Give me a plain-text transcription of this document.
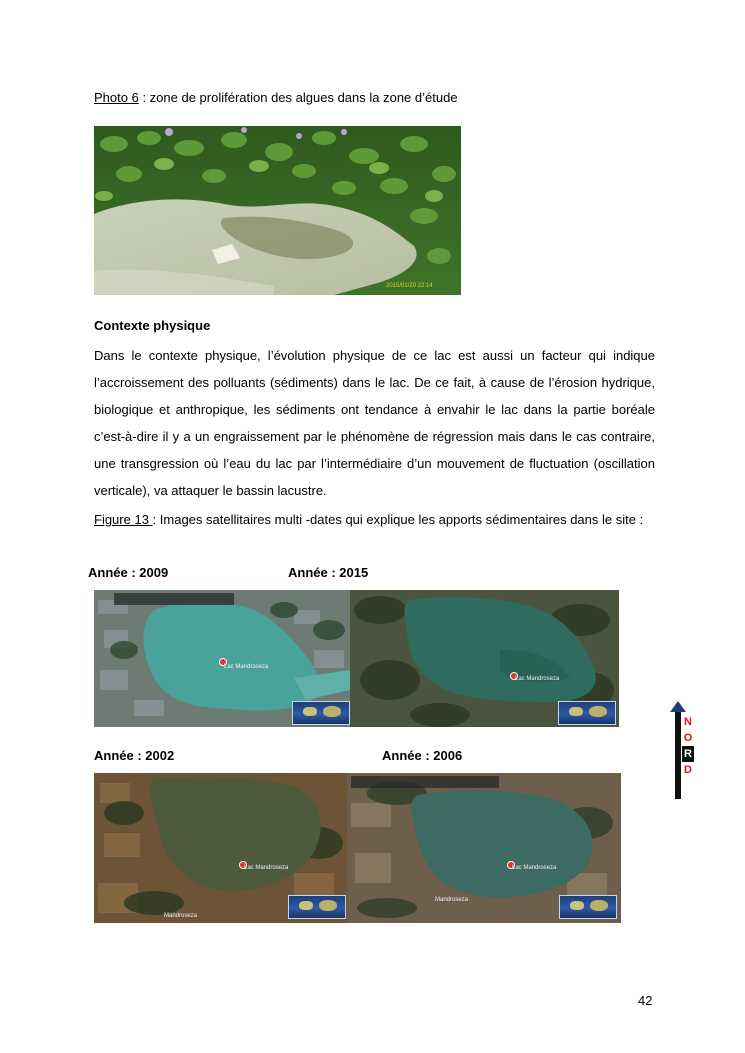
Photo 6 : zone de prolifération des algues dans la zone d’étude
2015/01/20 22:14
Contexte physique

Dans le contexte physique, l’évolution physique de ce lac est aussi un facteur qui indique l’accroissement des polluants (sédiments) dans le lac. De ce fait, à cause de l’érosion hydrique, biologique et anthropique, les sédiments ont tendance à envahir le lac dans la partie boréale c’est-à-dire il y a un engraissement par le phénomène de régression mais dans le cas contraire, une transgression où l’eau du lac par l’intermédiaire d’un mouvement de fluctuation (oscillation verticale), va attaquer le bassin lacustre.

Figure 13 : Images satellitaires multi -dates qui explique les apports sédimentaires dans le site :

Année : 2009	Année : 2015
Lac Mandroseza
Lac Mandroseza
N
O
R
D
Année : 2002	Année : 2006
Lac Mandroseza
Mandroseza
Lac Mandroseza
Mandroseza
42
